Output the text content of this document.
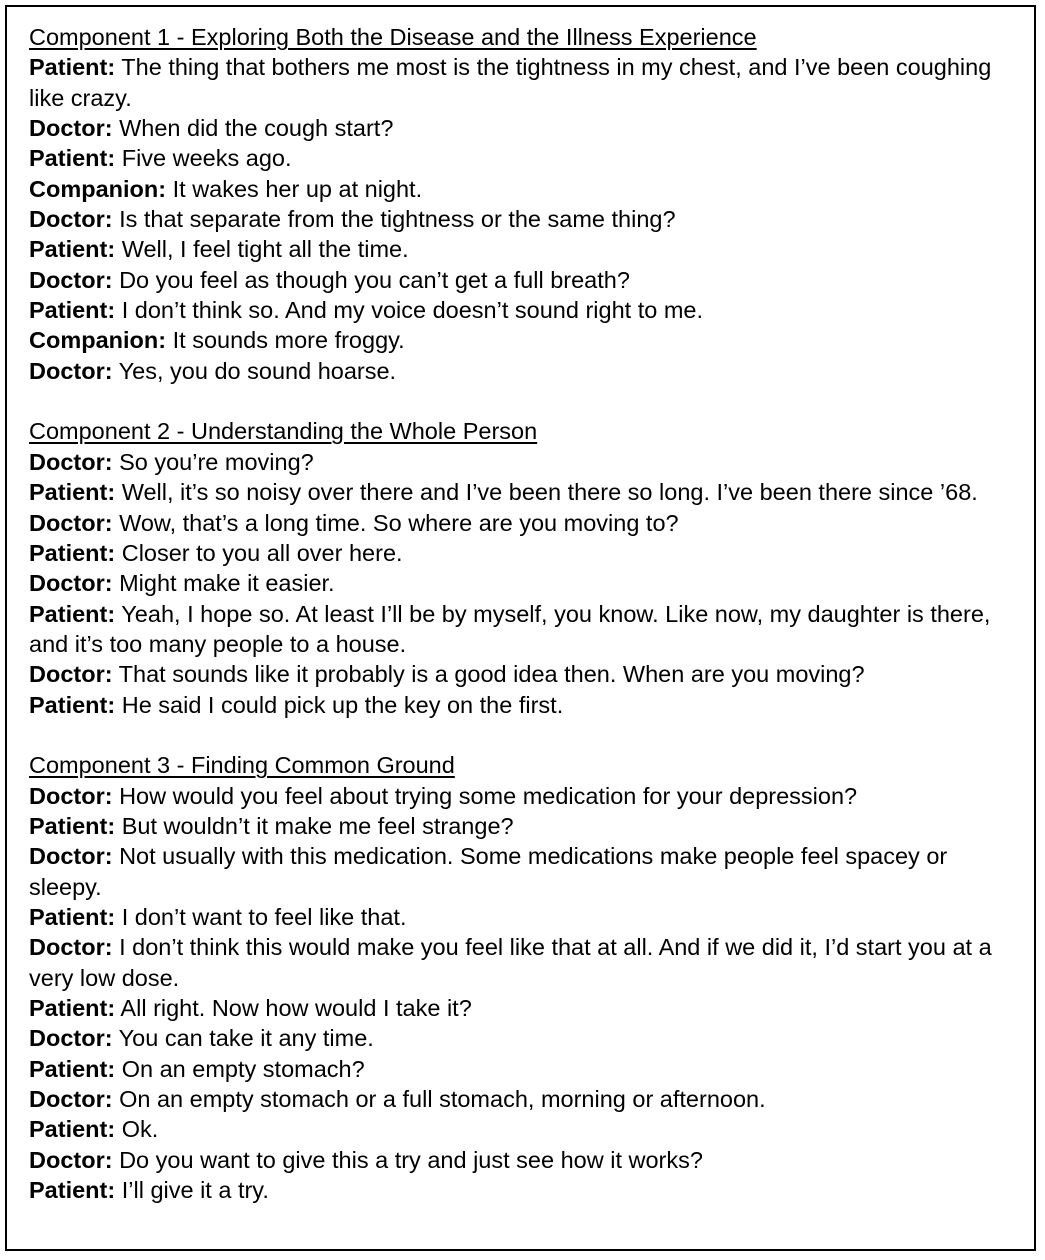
Component 1 - Exploring Both the Disease and the Illness Experience
Patient: The thing that bothers me most is the tightness in my chest, and I’ve been coughing like crazy.
Doctor: When did the cough start?
Patient: Five weeks ago.
Companion: It wakes her up at night.
Doctor: Is that separate from the tightness or the same thing?
Patient: Well, I feel tight all the time.
Doctor: Do you feel as though you can’t get a full breath?
Patient: I don’t think so. And my voice doesn’t sound right to me.
Companion: It sounds more froggy.
Doctor: Yes, you do sound hoarse.
Component 2 - Understanding the Whole Person
Doctor: So you’re moving?
Patient: Well, it’s so noisy over there and I’ve been there so long. I’ve been there since ’68.
Doctor: Wow, that’s a long time. So where are you moving to?
Patient: Closer to you all over here.
Doctor: Might make it easier.
Patient: Yeah, I hope so. At least I’ll be by myself, you know. Like now, my daughter is there, and it’s too many people to a house.
Doctor: That sounds like it probably is a good idea then. When are you moving?
Patient: He said I could pick up the key on the first.
Component 3 - Finding Common Ground
Doctor: How would you feel about trying some medication for your depression?
Patient: But wouldn’t it make me feel strange?
Doctor: Not usually with this medication. Some medications make people feel spacey or sleepy.
Patient: I don’t want to feel like that.
Doctor: I don’t think this would make you feel like that at all. And if we did it, I’d start you at a very low dose.
Patient: All right. Now how would I take it?
Doctor: You can take it any time.
Patient: On an empty stomach?
Doctor: On an empty stomach or a full stomach, morning or afternoon.
Patient: Ok.
Doctor: Do you want to give this a try and just see how it works?
Patient: I’ll give it a try.
